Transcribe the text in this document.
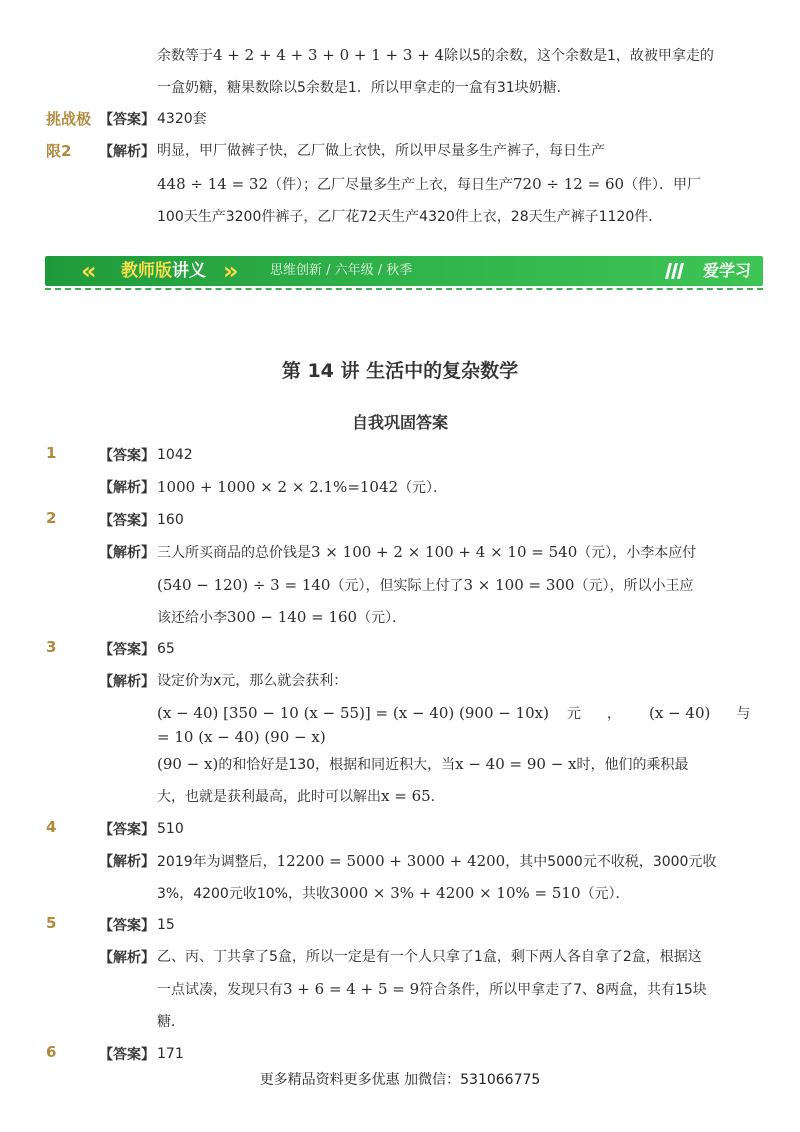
余数等于4 + 2 + 4 + 3 + 0 + 1 + 3 + 4除以5的余数，这个余数是1，故被甲拿走的
一盒奶糖，糖果数除以5余数是1．所以甲拿走的一盒有31块奶糖．
挑战极 【答案】 4320套
限2 【解析】 明显，甲厂做裤子快，乙厂做上衣快，所以甲尽量多生产裤子，每日生产
448 ÷ 14 = 32（件）；乙厂尽量多生产上衣，每日生产720 ÷ 12 = 60（件）．甲厂
100天生产3200件裤子，乙厂花72天生产4320件上衣，28天生产裤子1120件．
« 教师版讲义 »	思维创新 / 六年级 / 秋季	爱学习
第 14 讲 生活中的复杂数学
自我巩固答案
1	【答案】 1042
【解析】 1000 + 1000 × 2 × 2.1%=1042（元）．
2	【答案】 160
【解析】 三人所买商品的总价钱是3 × 100 + 2 × 100 + 4 × 10 = 540（元），小李本应付
(540 − 120) ÷ 3 = 140（元），但实际上付了3 × 100 = 300（元），所以小王应
该还给小李300 − 140 = 160（元）．
3	【答案】 65
【解析】 设定价为x元，那么就会获利：
(x − 40) [350 − 10 (x − 55)] = (x − 40) (900 − 10x) 元 ， (x − 40) 与
= 10 (x − 40) (90 − x)
(90 − x)的和恰好是130，根据和同近积大，当x − 40 = 90 − x时，他们的乘积最
大，也就是获利最高，此时可以解出x = 65．
4	【答案】 510
【解析】 2019年为调整后，12200 = 5000 + 3000 + 4200，其中5000元不收税，3000元收
3%，4200元收10%，共收3000 × 3% + 4200 × 10% = 510（元）．
5	【答案】 15
【解析】 乙、丙、丁共拿了5盒，所以一定是有一个人只拿了1盒，剩下两人各自拿了2盒，根据这
一点试凑，发现只有3 + 6 = 4 + 5 = 9符合条件，所以甲拿走了7、8两盒，共有15块
糖．
6	【答案】 171
更多精品资料更多优惠 加微信：531066775
